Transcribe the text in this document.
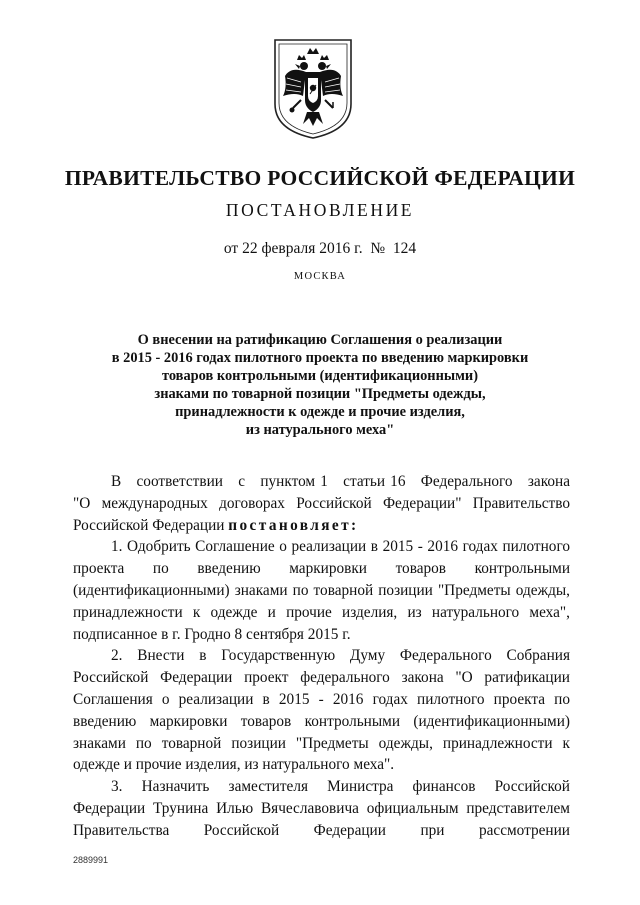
ПРАВИТЕЛЬСТВО РОССИЙСКОЙ ФЕДЕРАЦИИ
ПОСТАНОВЛЕНИЕ
от 22 февраля 2016 г.  №  124
МОСКВА
О внесении на ратификацию Соглашения о реализации
в 2015 - 2016 годах пилотного проекта по введению маркировки
товаров контрольными (идентификационными)
знаками по товарной позиции "Предметы одежды,
принадлежности к одежде и прочие изделия,
из натурального меха"

В   соответствии   с   пунктом 1   статьи 16   Федерального   закона

"О международных договорах Российской Федерации" Правительство

Российской Федерации постановляет:

1. Одобрить Соглашение о реализации в 2015 - 2016 годах пилотного

проекта по введению маркировки товаров контрольными

(идентификационными) знаками по товарной позиции "Предметы одежды,

принадлежности к одежде и прочие изделия, из натурального меха",

подписанное в г. Гродно 8 сентября 2015 г.

2. Внести в Государственную Думу Федерального Собрания

Российской Федерации проект федерального закона "О ратификации

Соглашения о реализации в 2015 - 2016 годах пилотного проекта по

введению маркировки товаров контрольными (идентификационными)

знаками по товарной позиции "Предметы одежды, принадлежности к

одежде и прочие изделия, из натурального меха".

3. Назначить заместителя Министра финансов Российской

Федерации Трунина Илью Вячеславовича официальным представителем

Правительства Российской Федерации при рассмотрении

2889991
